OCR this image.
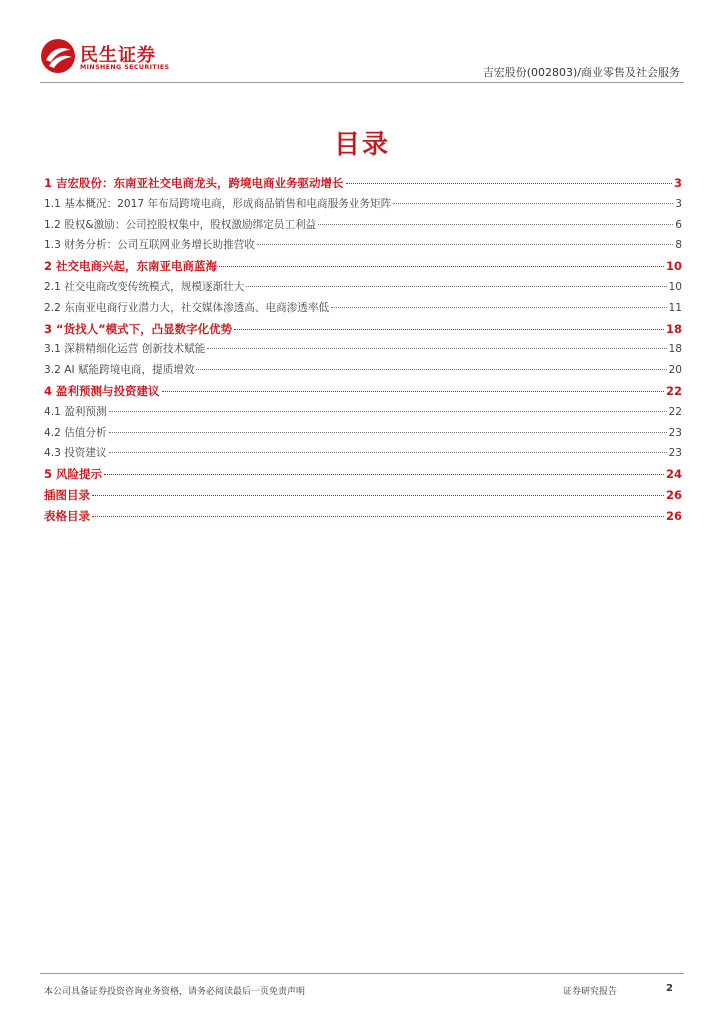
民生证券
MINSHENG SECURITIES	吉宏股份(002803)/商业零售及社会服务
目录
1 吉宏股份：东南亚社交电商龙头，跨境电商业务驱动增长	3
1.1 基本概况：2017 年布局跨境电商，形成商品销售和电商服务业务矩阵	3
1.2 股权&激励：公司控股权集中，股权激励绑定员工利益	6
1.3 财务分析：公司互联网业务增长助推营收	8
2 社交电商兴起，东南亚电商蓝海	10
2.1 社交电商改变传统模式，规模逐渐壮大	10
2.2 东南亚电商行业潜力大，社交媒体渗透高、电商渗透率低	11
3 “货找人”模式下，凸显数字化优势	18
3.1 深耕精细化运营 创新技术赋能	18
3.2 AI 赋能跨境电商，提质增效	20
4 盈利预测与投资建议	22
4.1 盈利预测	22
4.2 估值分析	23
4.3 投资建议	23
5 风险提示	24
插图目录	26
表格目录	26
本公司具备证券投资咨询业务资格，请务必阅读最后一页免责声明	证券研究报告	2
